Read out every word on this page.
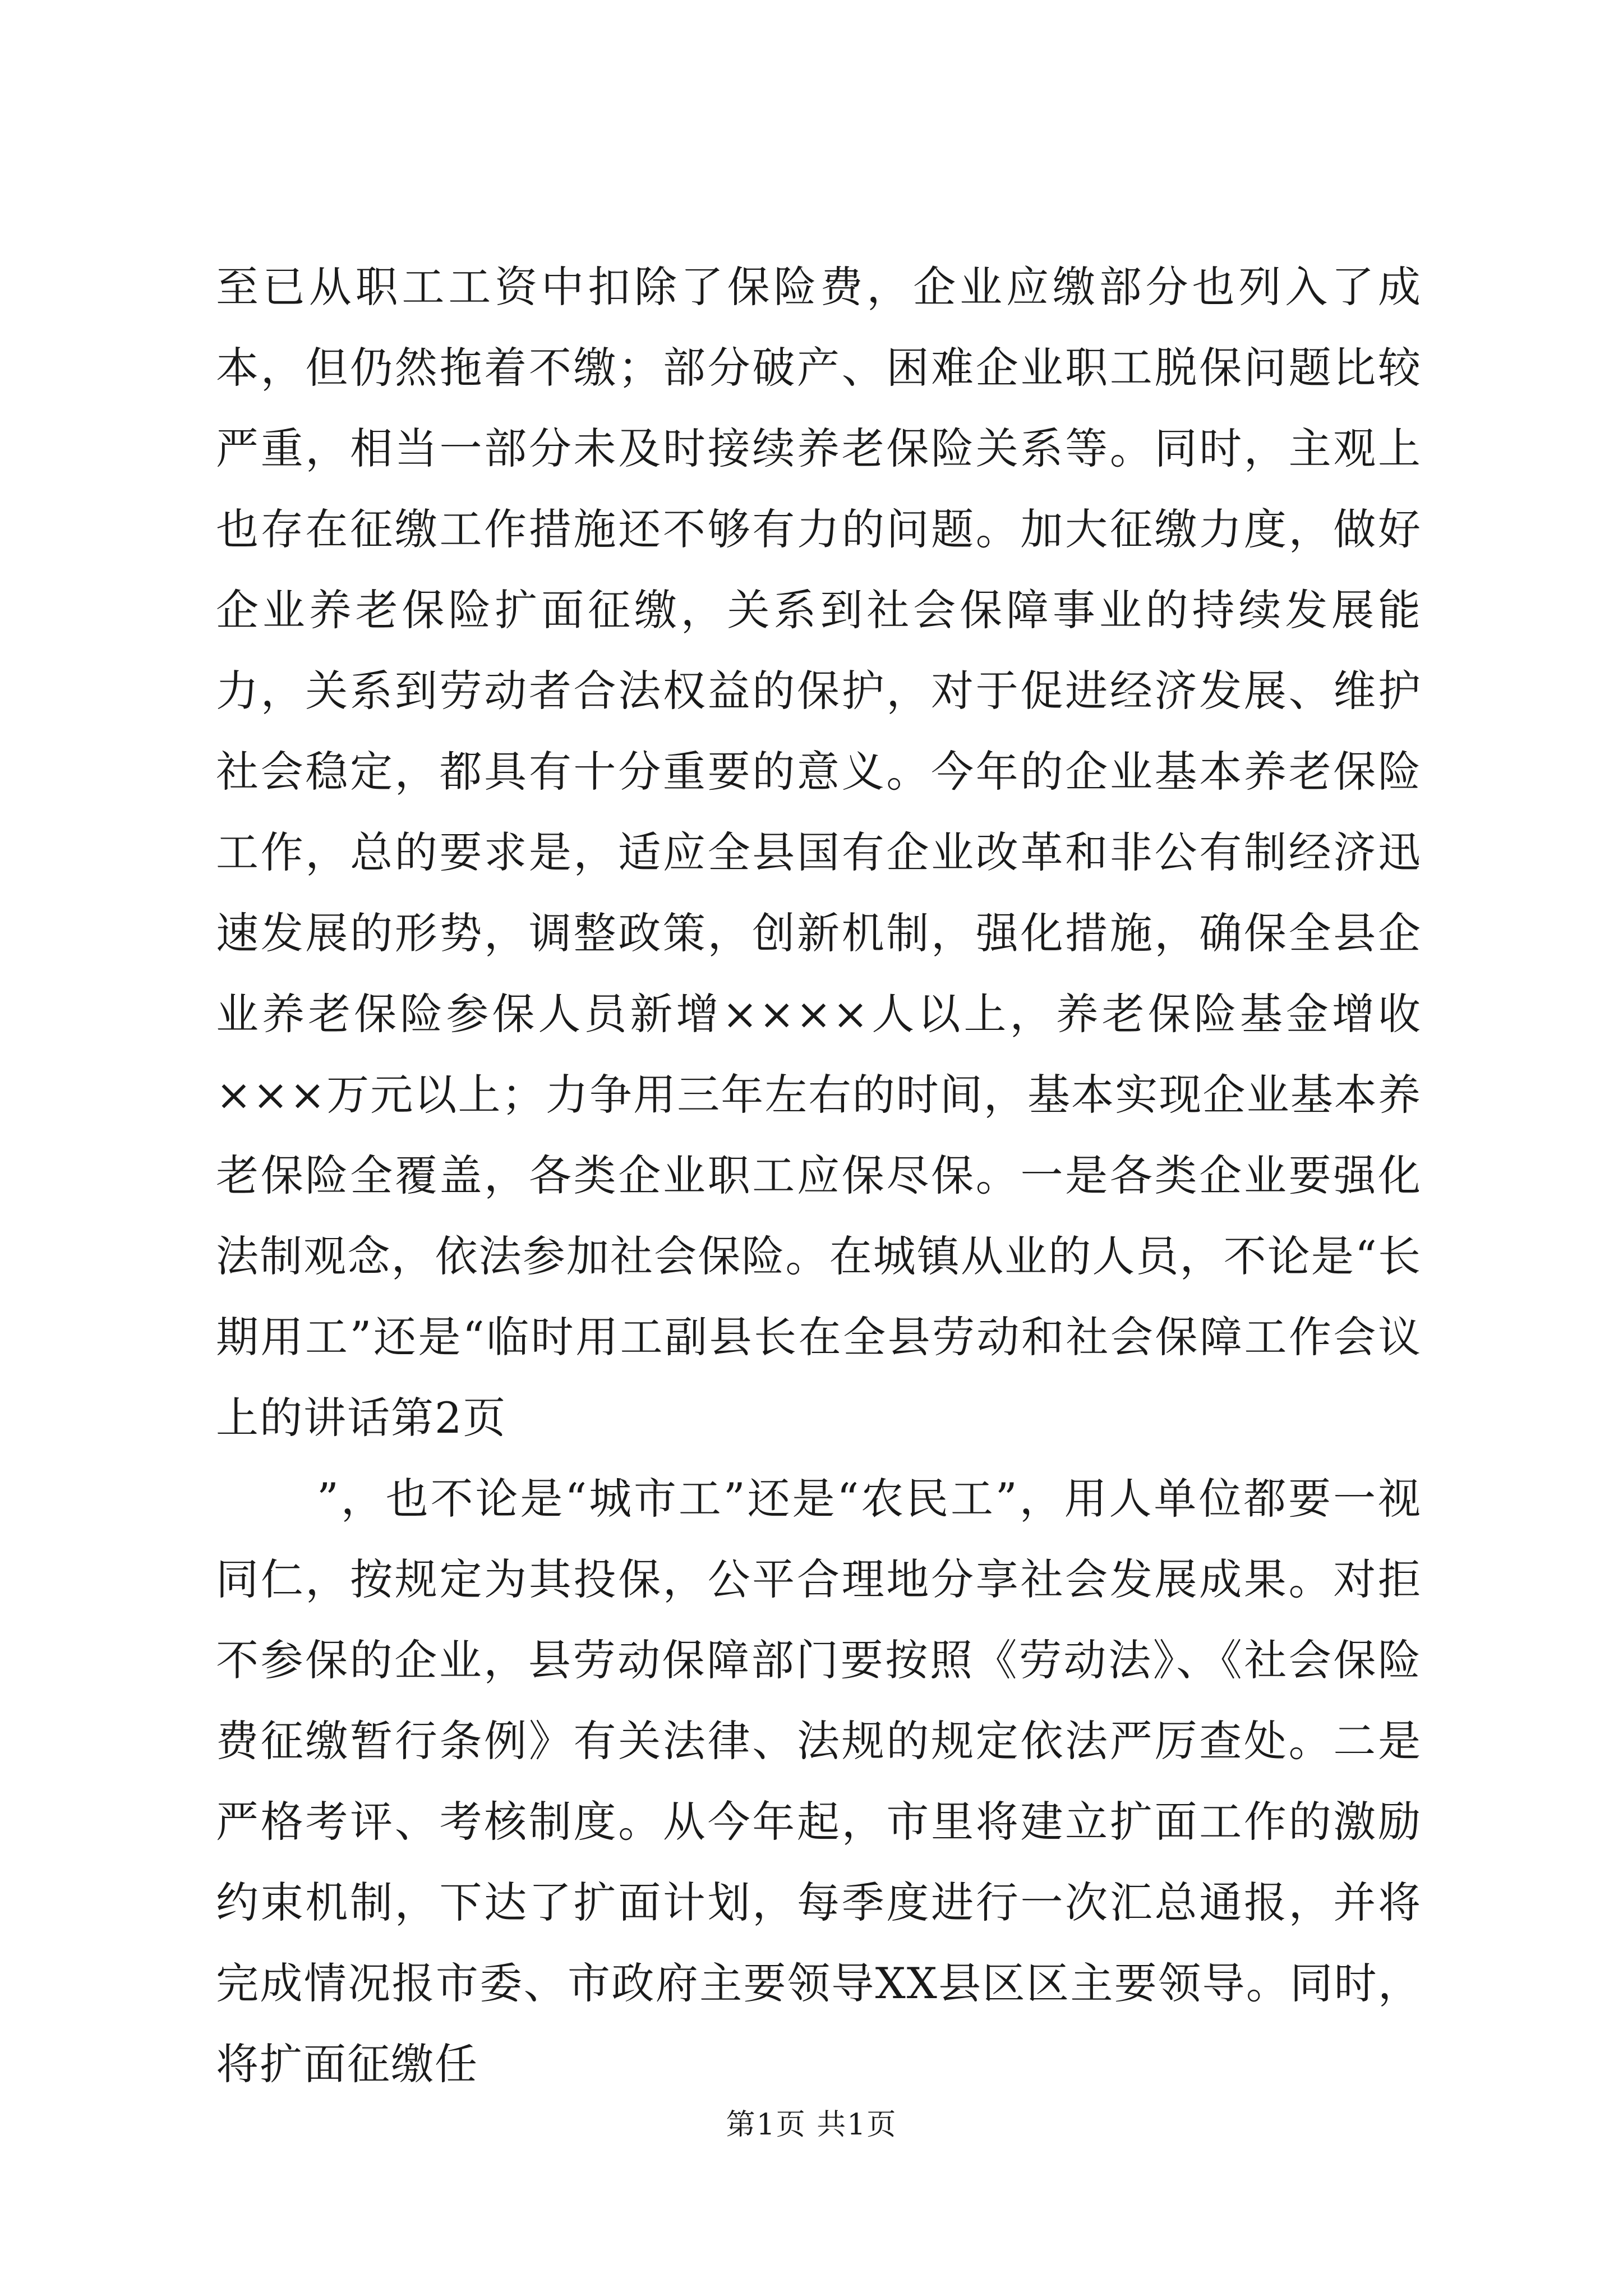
至已从职工工资中扣除了保险费，企业应缴部分也列入了成本，但仍然拖着不缴；部分破产、困难企业职工脱保问题比较严重，相当一部分未及时接续养老保险关系等。同时，主观上也存在征缴工作措施还不够有力的问题。加大征缴力度，做好企业养老保险扩面征缴，关系到社会保障事业的持续发展能力，关系到劳动者合法权益的保护，对于促进经济发展、维护社会稳定，都具有十分重要的意义。今年的企业基本养老保险工作，总的要求是，适应全县国有企业改革和非公有制经济迅速发展的形势，调整政策，创新机制，强化措施，确保全县企业养老保险参保人员新增××××人以上，养老保险基金增收×××万元以上；力争用三年左右的时间，基本实现企业基本养老保险全覆盖，各类企业职工应保尽保。一是各类企业要强化法制观念，依法参加社会保险。在城镇从业的人员，不论是“长期用工”还是“临时用工副县长在全县劳动和社会保障工作会议上的讲话第2页

”，也不论是“城市工”还是“农民工”，用人单位都要一视同仁，按规定为其投保，公平合理地分享社会发展成果。对拒不参保的企业，县劳动保障部门要按照《劳动法》、《社会保险费征缴暂行条例》有关法律、法规的规定依法严厉查处。二是严格考评、考核制度。从今年起，市里将建立扩面工作的激励约束机制，下达了扩面计划，每季度进行一次汇总通报，并将完成情况报市委、市政府主要领导XX县区区主要领导。同时，将扩面征缴任

第1页 共1页
